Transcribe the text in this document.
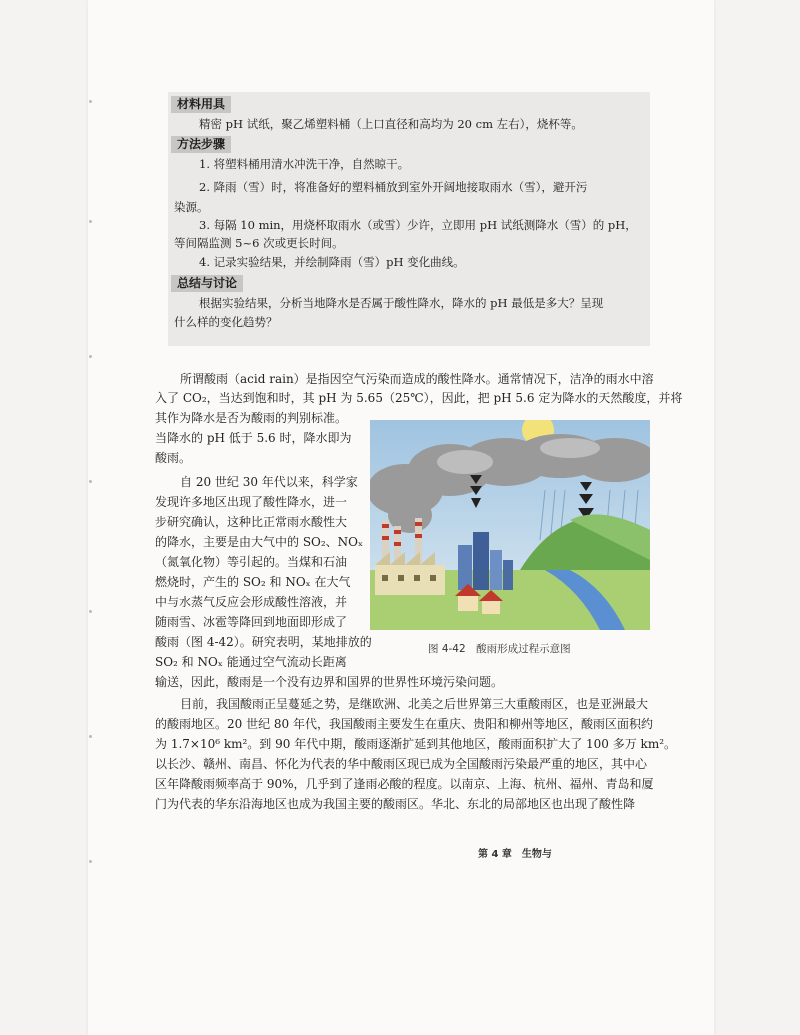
材料用具
精密 pH 试纸，聚乙烯塑料桶（上口直径和高均为 20 cm 左右），烧杯等。
方法步骤
1. 将塑料桶用清水冲洗干净，自然晾干。
2. 降雨（雪）时，将准备好的塑料桶放到室外开阔地接取雨水（雪），避开污
染源。
3. 每隔 10 min，用烧杯取雨水（或雪）少许，立即用 pH 试纸测降水（雪）的 pH，
等间隔监测 5~6 次或更长时间。
4. 记录实验结果，并绘制降雨（雪）pH 变化曲线。
总结与讨论
根据实验结果，分析当地降水是否属于酸性降水，降水的 pH 最低是多大？呈现
什么样的变化趋势？
所谓酸雨（acid rain）是指因空气污染而造成的酸性降水。通常情况下，洁净的雨水中溶
入了 CO₂，当达到饱和时，其 pH 为 5.65（25℃），因此，把 pH 5.6 定为降水的天然酸度，并将
其作为降水是否为酸雨的判别标准。
当降水的 pH 低于 5.6 时，降水即为
酸雨。
自 20 世纪 30 年代以来，科学家
发现许多地区出现了酸性降水，进一
步研究确认，这种比正常雨水酸性大
的降水，主要是由大气中的 SO₂、NOₓ
（氮氧化物）等引起的。当煤和石油
燃烧时，产生的 SO₂ 和 NOₓ 在大气
中与水蒸气反应会形成酸性溶液，并
随雨雪、冰雹等降回到地面即形成了
酸雨（图 4-42）。研究表明，某地排放的
SO₂ 和 NOₓ 能通过空气流动长距离
输送，因此，酸雨是一个没有边界和国界的世界性环境污染问题。
目前，我国酸雨正呈蔓延之势，是继欧洲、北美之后世界第三大重酸雨区，也是亚洲最大
的酸雨地区。20 世纪 80 年代，我国酸雨主要发生在重庆、贵阳和柳州等地区，酸雨区面积约
为 1.7×10⁶ km²。到 90 年代中期，酸雨逐渐扩延到其他地区，酸雨面积扩大了 100 多万 km²。
以长沙、赣州、南昌、怀化为代表的华中酸雨区现已成为全国酸雨污染最严重的地区，其中心
区年降酸雨频率高于 90%，几乎到了逢雨必酸的程度。以南京、上海、杭州、福州、青岛和厦
门为代表的华东沿海地区也成为我国主要的酸雨区。华北、东北的局部地区也出现了酸性降
图 4-42　酸雨形成过程示意图
第 4 章　生物与
